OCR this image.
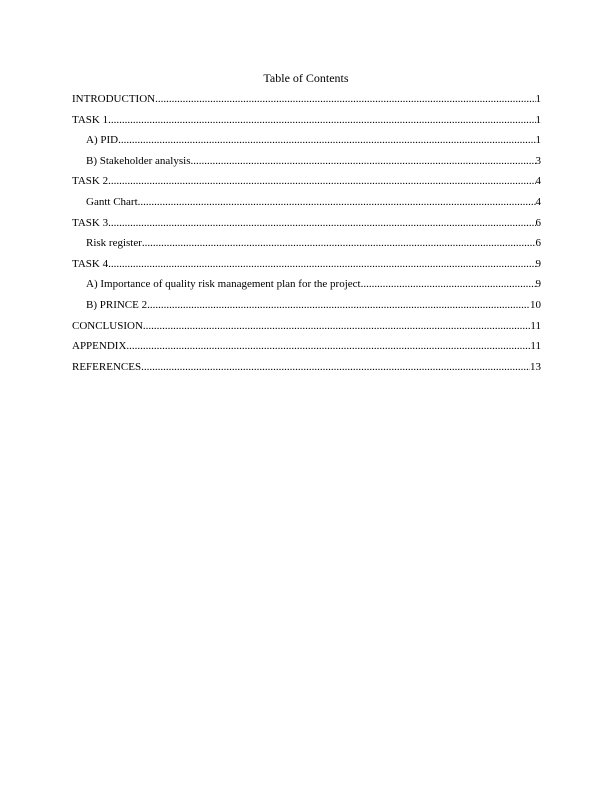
Table of Contents
INTRODUCTION .....	1
TASK 1 .....	1
A) PID .....	1
B) Stakeholder analysis .....	3
TASK 2 .....	4
Gantt Chart .....	4
TASK 3 .....	6
Risk register .....	6
TASK 4 .....	9
A) Importance of quality risk management plan for the project .....	9
B) PRINCE 2 .....	10
CONCLUSION .....	11
APPENDIX .....	11
REFERENCES .....	13
